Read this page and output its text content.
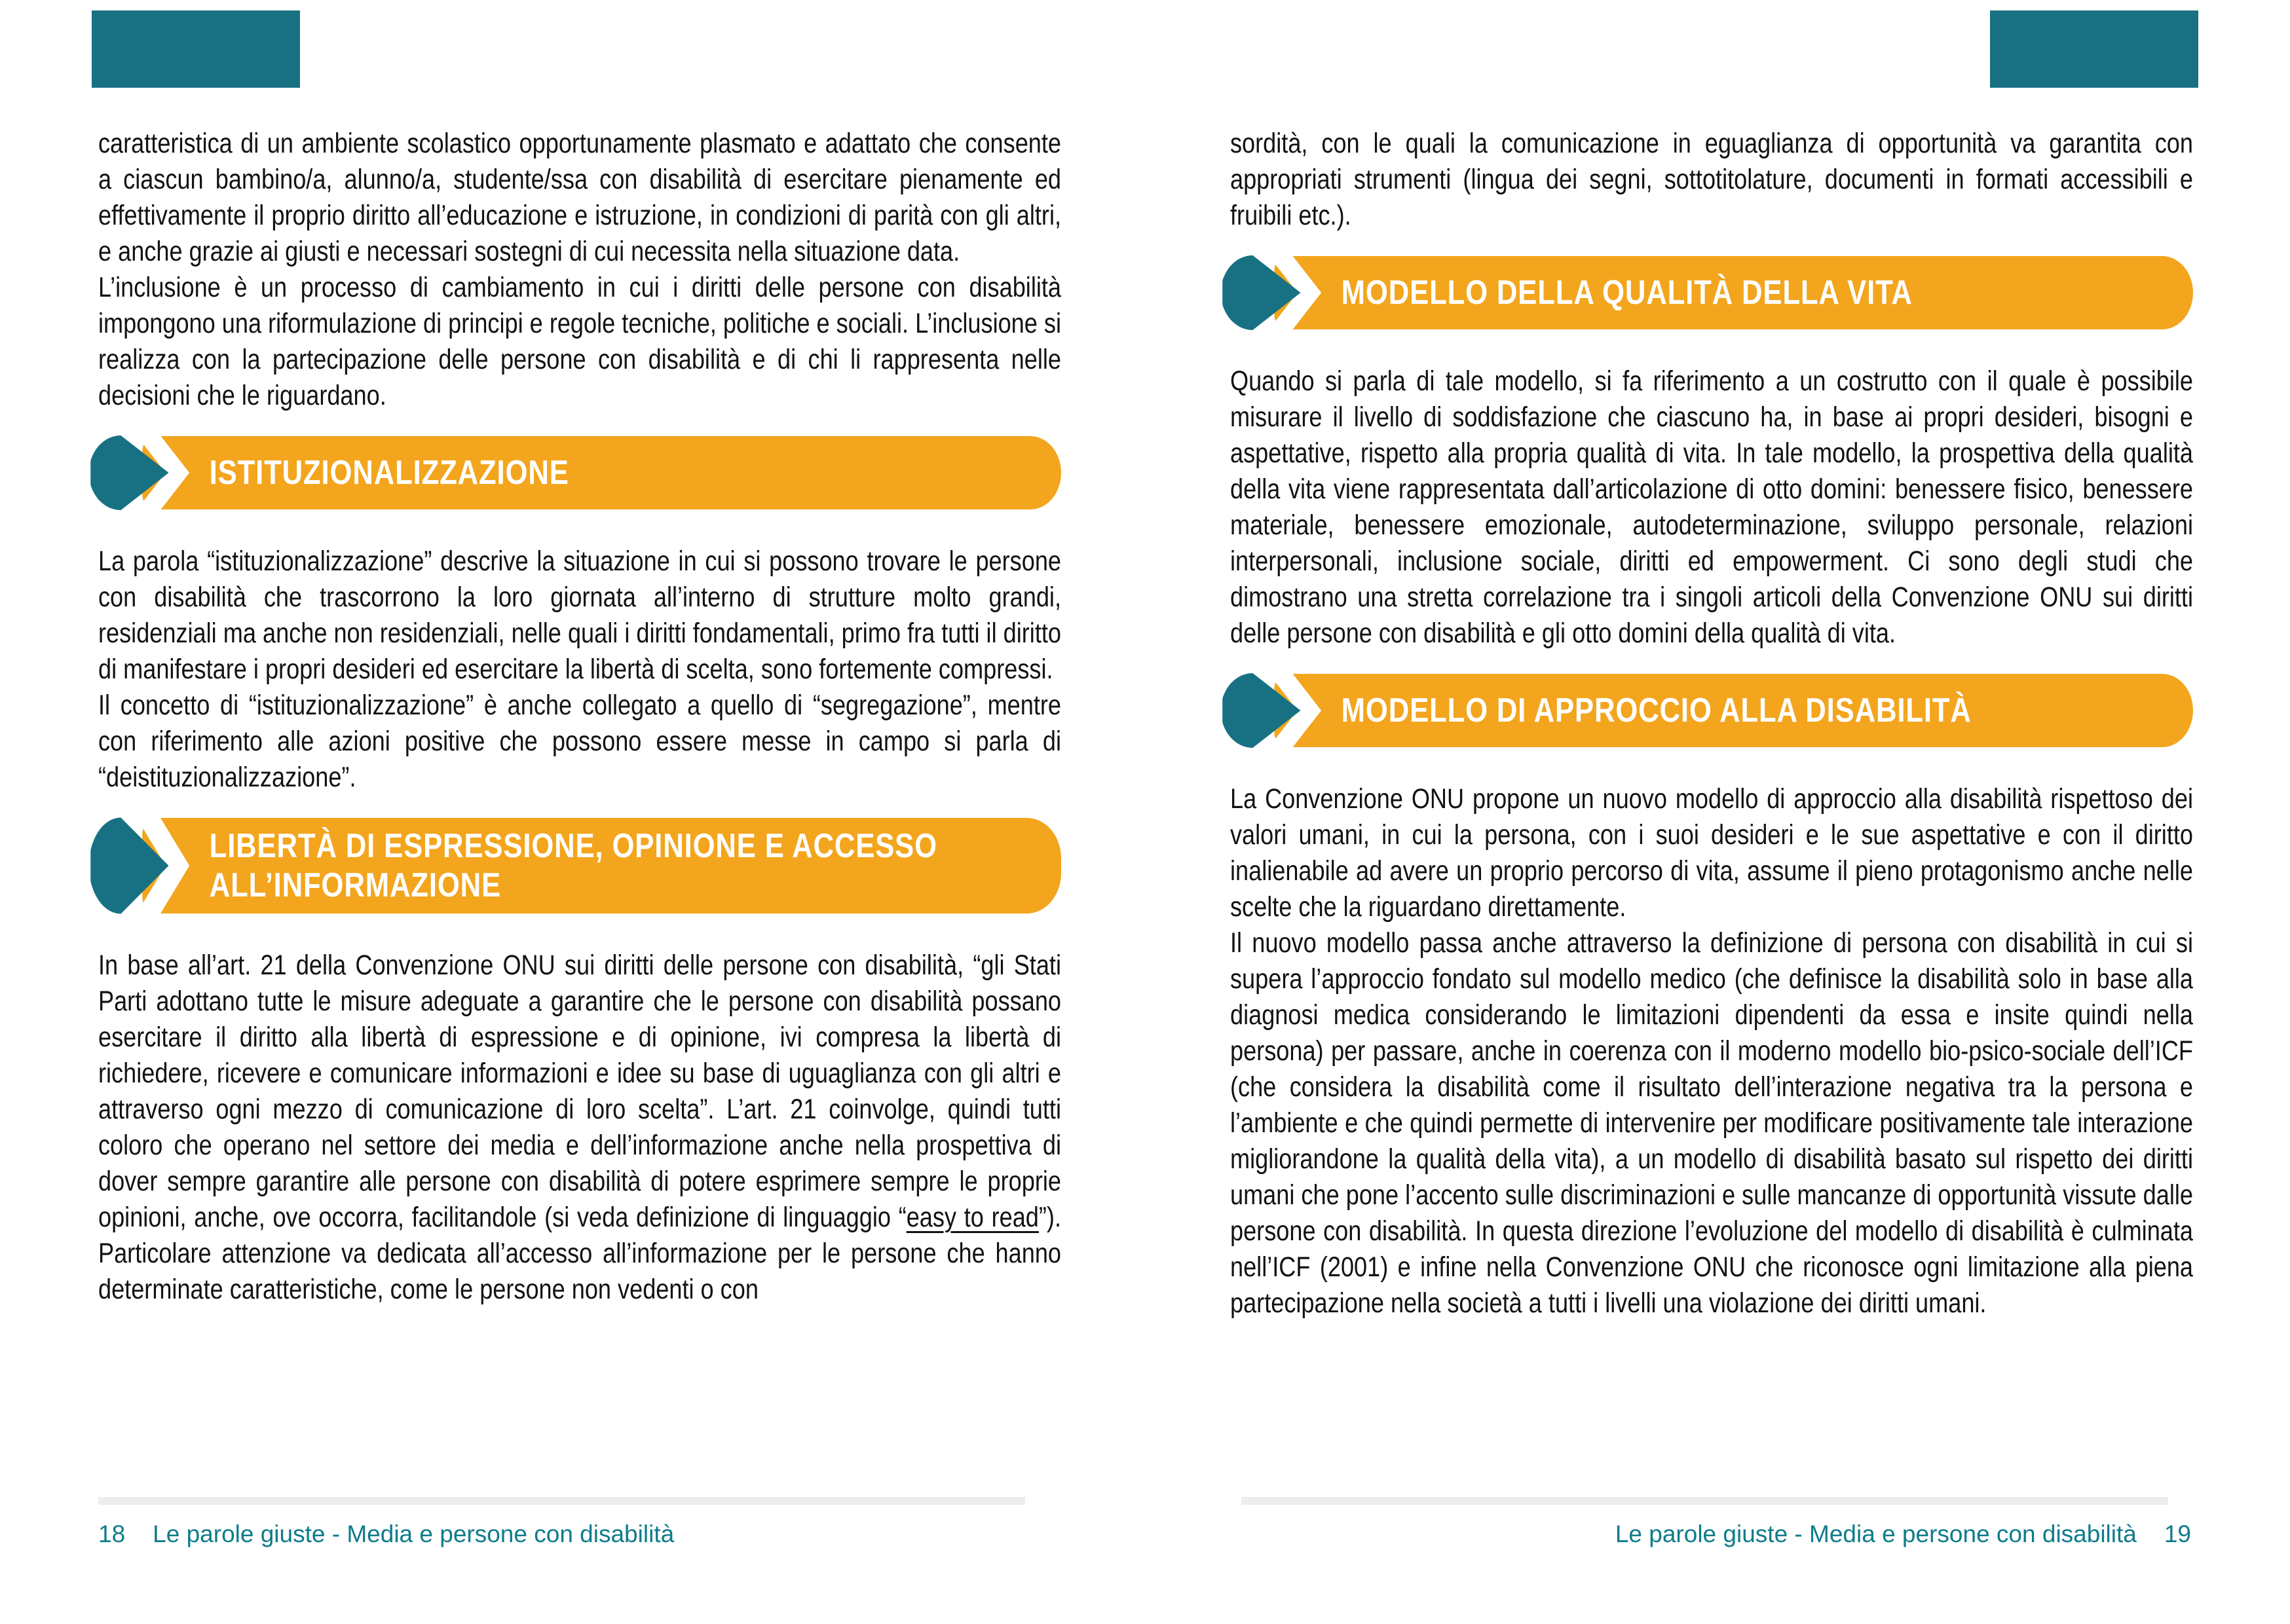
caratteristica di un ambiente scolastico opportunamente plasmato e adattato che consente a ciascun bambino/a, alunno/a, studente/ssa con disabilità di esercitare pienamente ed effettivamente il proprio diritto all’educazione e istruzione, in condizioni di parità con gli altri, e anche grazie ai giusti e necessari sostegni di cui necessita nella situazione data.

L’inclusione è un processo di cambiamento in cui i diritti delle persone con disabilità impongono una riformulazione di principi e regole tecniche, politiche e sociali. L’inclusione si realizza con la partecipazione delle persone con disabilità e di chi li rappresenta nelle decisioni che le riguardano.

ISTITUZIONALIZZAZIONE

La parola “istituzionalizzazione” descrive la situazione in cui si possono trovare le persone con disabilità che trascorrono la loro giornata all’interno di strutture molto grandi, residenziali ma anche non residenziali, nelle quali i diritti fondamentali, primo fra tutti il diritto di manifestare i propri desideri ed esercitare la libertà di scelta, sono fortemente compressi.

Il concetto di “istituzionalizzazione” è anche collegato a quello di “segregazione”, mentre con riferimento alle azioni positive che possono essere messe in campo si parla di “deistituzionalizzazione”.

LIBERTÀ DI ESPRESSIONE, OPINIONE E ACCESSO ALL’INFORMAZIONE

In base all’art. 21 della Convenzione ONU sui diritti delle persone con disabilità, “gli Stati Parti adottano tutte le misure adeguate a garantire che le persone con disabilità possano esercitare il diritto alla libertà di espressione e di opinione, ivi compresa la libertà di richiedere, ricevere e comunicare informazioni e idee su base di uguaglianza con gli altri e attraverso ogni mezzo di comunicazione di loro scelta”. L’art. 21 coinvolge, quindi tutti coloro che operano nel settore dei media e dell’informazione anche nella prospettiva di dover sempre garantire alle persone con disabilità di potere esprimere sempre le proprie opinioni, anche, ove occorra, facilitandole (si veda definizione di linguaggio “easy to read”). Particolare attenzione va dedicata all’accesso all’informazione per le persone che hanno determinate caratteristiche, come le persone non vedenti o con

sordità, con le quali la comunicazione in eguaglianza di opportunità va garantita con appropriati strumenti (lingua dei segni, sottotitolature, documenti in formati accessibili e fruibili etc.).

MODELLO DELLA QUALITÀ DELLA VITA

Quando si parla di tale modello, si fa riferimento a un costrutto con il quale è possibile misurare il livello di soddisfazione che ciascuno ha, in base ai propri desideri, bisogni e aspettative, rispetto alla propria qualità di vita. In tale modello, la prospettiva della qualità della vita viene rappresentata dall’articolazione di otto domini: benessere fisico, benessere materiale, benessere emozionale, autodeterminazione, sviluppo personale, relazioni interpersonali, inclusione sociale, diritti ed empowerment. Ci sono degli studi che dimostrano una stretta correlazione tra i singoli articoli della Convenzione ONU sui diritti delle persone con disabilità e gli otto domini della qualità di vita.

MODELLO DI APPROCCIO ALLA DISABILITÀ

La Convenzione ONU propone un nuovo modello di approccio alla disabilità rispettoso dei valori umani, in cui la persona, con i suoi desideri e le sue aspettative e con il diritto inalienabile ad avere un proprio percorso di vita, assume il pieno protagonismo anche nelle scelte che la riguardano direttamente.

Il nuovo modello passa anche attraverso la definizione di persona con disabilità in cui si supera l’approccio fondato sul modello medico (che definisce la disabilità solo in base alla diagnosi medica considerando le limitazioni dipendenti da essa e insite quindi nella persona) per passare, anche in coerenza con il moderno modello bio-psico-sociale dell’ICF (che considera la disabilità come il risultato dell’interazione negativa tra la persona e l’ambiente e che quindi permette di intervenire per modificare positivamente tale interazione migliorandone la qualità della vita), a un modello di disabilità basato sul rispetto dei diritti umani che pone l’accento sulle discriminazioni e sulle mancanze di opportunità vissute dalle persone con disabilità. In questa direzione l’evoluzione del modello di disabilità è culminata nell’ICF (2001) e infine nella Convenzione ONU che riconosce ogni limitazione alla piena partecipazione nella società a tutti i livelli una violazione dei diritti umani.

18 Le parole giuste - Media e persone con disabilità	Le parole giuste - Media e persone con disabilità 19
